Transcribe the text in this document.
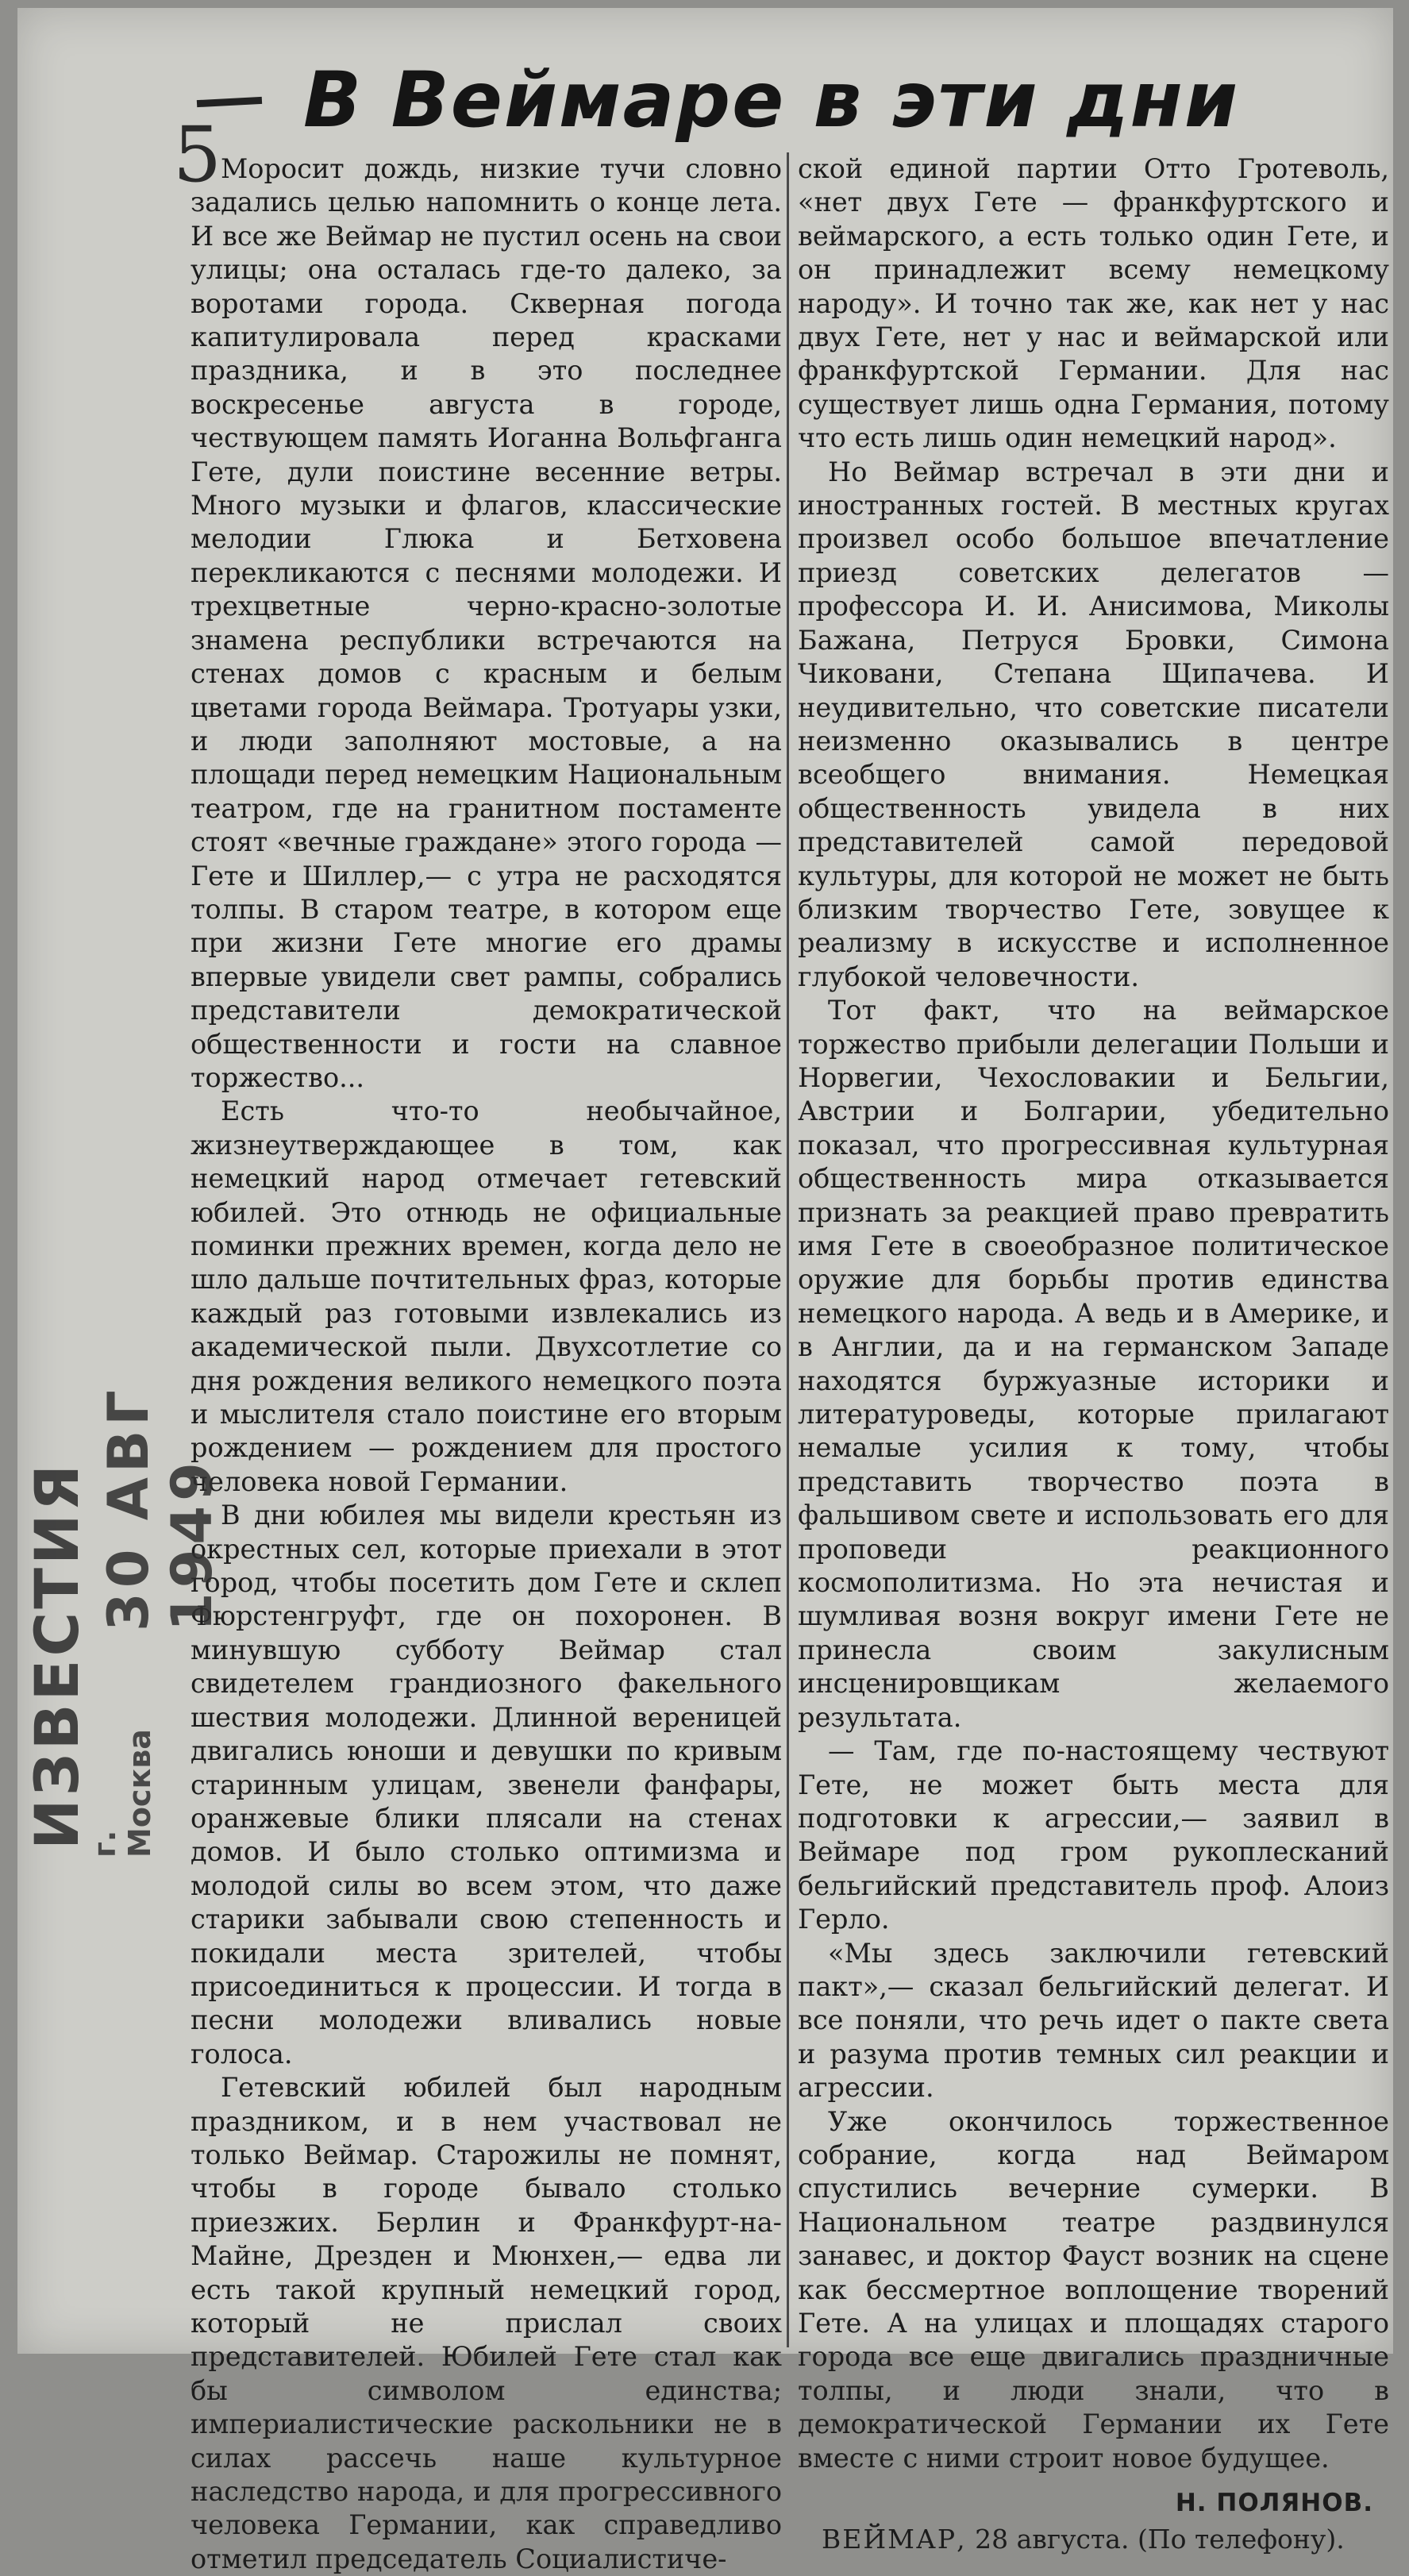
5
В Веймаре в эти дни

Моросит дождь, низкие тучи словно задались целью напомнить о конце лета. И все же Веймар не пустил осень на свои улицы; она осталась где-то далеко, за воротами города. Скверная погода капитулировала перед красками праздника, и в это последнее воскресенье августа в городе, чествующем память Иоганна Вольфганга Гете, дули поистине весенние ветры. Много музыки и флагов, классические мелодии Глюка и Бетховена перекликаются с песнями молодежи. И трехцветные черно-красно-золотые знамена республики встречаются на стенах домов с красным и белым цветами города Веймара. Тротуары узки, и люди заполняют мостовые, а на площади перед немецким Национальным театром, где на гранитном постаменте стоят «вечные граждане» этого города — Гете и Шиллер,— с утра не расходятся толпы. В старом театре, в котором еще при жизни Гете многие его драмы впервые увидели свет рампы, собрались представители демократической общественности и гости на славное торжество...

Есть что-то необычайное, жизнеутверждающее в том, как немецкий народ отмечает гетевский юбилей. Это отнюдь не официальные поминки прежних времен, когда дело не шло дальше почтительных фраз, которые каждый раз готовыми извлекались из академической пыли. Двухсотлетие со дня рождения великого немецкого поэта и мыслителя стало поистине его вторым рождением — рождением для простого человека новой Германии.

В дни юбилея мы видели крестьян из окрестных сел, которые приехали в этот город, чтобы посетить дом Гете и склеп Фюрстенгруфт, где он похоронен. В минувшую субботу Веймар стал свидетелем грандиозного факельного шествия молодежи. Длинной вереницей двигались юноши и девушки по кривым старинным улицам, звенели фанфары, оранжевые блики плясали на стенах домов. И было столько оптимизма и молодой силы во всем этом, что даже старики забывали свою степенность и покидали места зрителей, чтобы присоединиться к процессии. И тогда в песни молодежи вливались новые голоса.

Гетевский юбилей был народным праздником, и в нем участвовал не только Веймар. Старожилы не помнят, чтобы в городе бывало столько приезжих. Берлин и Франкфурт-на-Майне, Дрезден и Мюнхен,— едва ли есть такой крупный немецкий город, который не прислал своих представителей. Юбилей Гете стал как бы символом единства; империалистические раскольники не в силах рассечь наше культурное наследство народа, и для прогрессивного человека Германии, как справедливо отметил председатель Социалистиче-

ской единой партии Отто Гротеволь, «нет двух Гете — франкфуртского и веймарского, а есть только один Гете, и он принадлежит всему немецкому народу». И точно так же, как нет у нас двух Гете, нет у нас и веймарской или франкфуртской Германии. Для нас существует лишь одна Германия, потому что есть лишь один немецкий народ».

Но Веймар встречал в эти дни и иностранных гостей. В местных кругах произвел особо большое впечатление приезд советских делегатов — профессора И. И. Анисимова, Миколы Бажана, Петруся Бровки, Симона Чиковани, Степана Щипачева. И неудивительно, что советские писатели неизменно оказывались в центре всеобщего внимания. Немецкая общественность увидела в них представителей самой передовой культуры, для которой не может не быть близким творчество Гете, зовущее к реализму в искусстве и исполненное глубокой человечности.

Тот факт, что на веймарское торжество прибыли делегации Польши и Норвегии, Чехословакии и Бельгии, Австрии и Болгарии, убедительно показал, что прогрессивная культурная общественность мира отказывается признать за реакцией право превратить имя Гете в своеобразное политическое оружие для борьбы против единства немецкого народа. А ведь и в Америке, и в Англии, да и на германском Западе находятся буржуазные историки и литературоведы, которые прилагают немалые усилия к тому, чтобы представить творчество поэта в фальшивом свете и использовать его для проповеди реакционного космополитизма. Но эта нечистая и шумливая возня вокруг имени Гете не принесла своим закулисным инсценировщикам желаемого результата.

— Там, где по-настоящему чествуют Гете, не может быть места для подготовки к агрессии,— заявил в Веймаре под гром рукоплесканий бельгийский представитель проф. Алоиз Герло.

«Мы здесь заключили гетевский пакт»,— сказал бельгийский делегат. И все поняли, что речь идет о пакте света и разума против темных сил реакции и агрессии.

Уже окончилось торжественное собрание, когда над Веймаром спустились вечерние сумерки. В Национальном театре раздвинулся занавес, и доктор Фауст возник на сцене как бессмертное воплощение творений Гете. А на улицах и площадях старого города все еще двигались праздничные толпы, и люди знали, что в демократической Германии их Гете вместе с ними строит новое будущее.

Н. ПОЛЯНОВ.
ВЕЙМАР, 28 августа. (По телефону).
30 АВГ 1949
ИЗВЕСТИЯ
г. Москва
